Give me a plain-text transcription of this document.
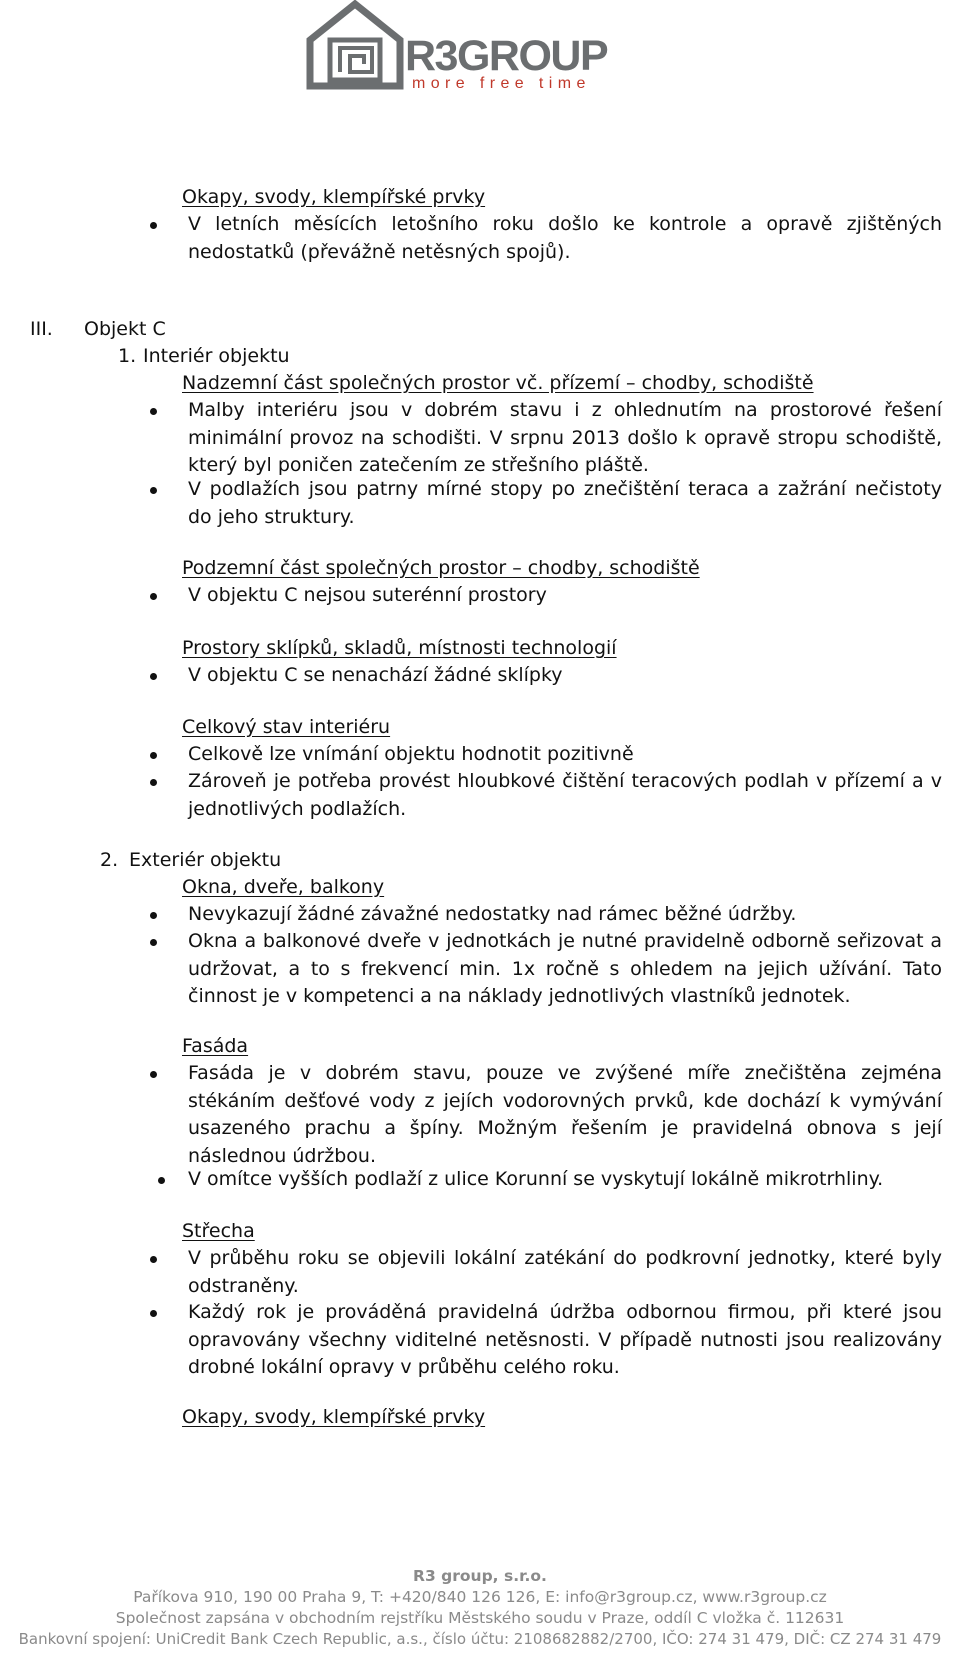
R3GROUP
more free time
Okapy, svody, klempířské prvky
V letních měsících letošního roku došlo ke kontrole a opravě zjištěných nedostatků (převážně netěsných spojů).
III. Objekt C
1. Interiér objektu
Nadzemní část společných prostor vč. přízemí – chodby, schodiště
Malby interiéru jsou v dobrém stavu i z ohlednutím na prostorové řešení minimální provoz na schodišti. V srpnu 2013 došlo k opravě stropu schodiště, který byl poničen zatečením ze střešního pláště.
V podlažích jsou patrny mírné stopy po znečištění teraca a zažrání nečistoty do jeho struktury.
Podzemní část společných prostor – chodby, schodiště
V objektu C nejsou suterénní prostory
Prostory sklípků, skladů, místnosti technologií
V objektu C se nenachází žádné sklípky
Celkový stav interiéru
Celkově lze vnímání objektu hodnotit pozitivně
Zároveň je potřeba provést hloubkové čištění teracových podlah v přízemí a v jednotlivých podlažích.
2. Exteriér objektu
Okna, dveře, balkony
Nevykazují žádné závažné nedostatky nad rámec běžné údržby.
Okna a balkonové dveře v jednotkách je nutné pravidelně odborně seřizovat a udržovat, a to s frekvencí min. 1x ročně s ohledem na jejich užívání. Tato činnost je v kompetenci a na náklady jednotlivých vlastníků jednotek.
Fasáda
Fasáda je v dobrém stavu, pouze ve zvýšené míře znečištěna zejména stékáním dešťové vody z jejích vodorovných prvků, kde dochází k vymývání usazeného prachu a špíny. Možným řešením je pravidelná obnova s její následnou údržbou.
V omítce vyšších podlaží z ulice Korunní se vyskytují lokálně mikrotrhliny.
Střecha
V průběhu roku se objevili lokální zatékání do podkrovní jednotky, které byly odstraněny.
Každý rok je prováděná pravidelná údržba odbornou firmou, při které jsou opravovány všechny viditelné netěsnosti. V případě nutnosti jsou realizovány drobné lokální opravy v průběhu celého roku.
Okapy, svody, klempířské prvky
R3 group, s.r.o.
Paříkova 910, 190 00 Praha 9, T: +420/840 126 126, E: info@r3group.cz, www.r3group.cz
Společnost zapsána v obchodním rejstříku Městského soudu v Praze, oddíl C vložka č. 112631
Bankovní spojení: UniCredit Bank Czech Republic, a.s., číslo účtu: 2108682882/2700, IČO: 274 31 479, DIČ: CZ 274 31 479
